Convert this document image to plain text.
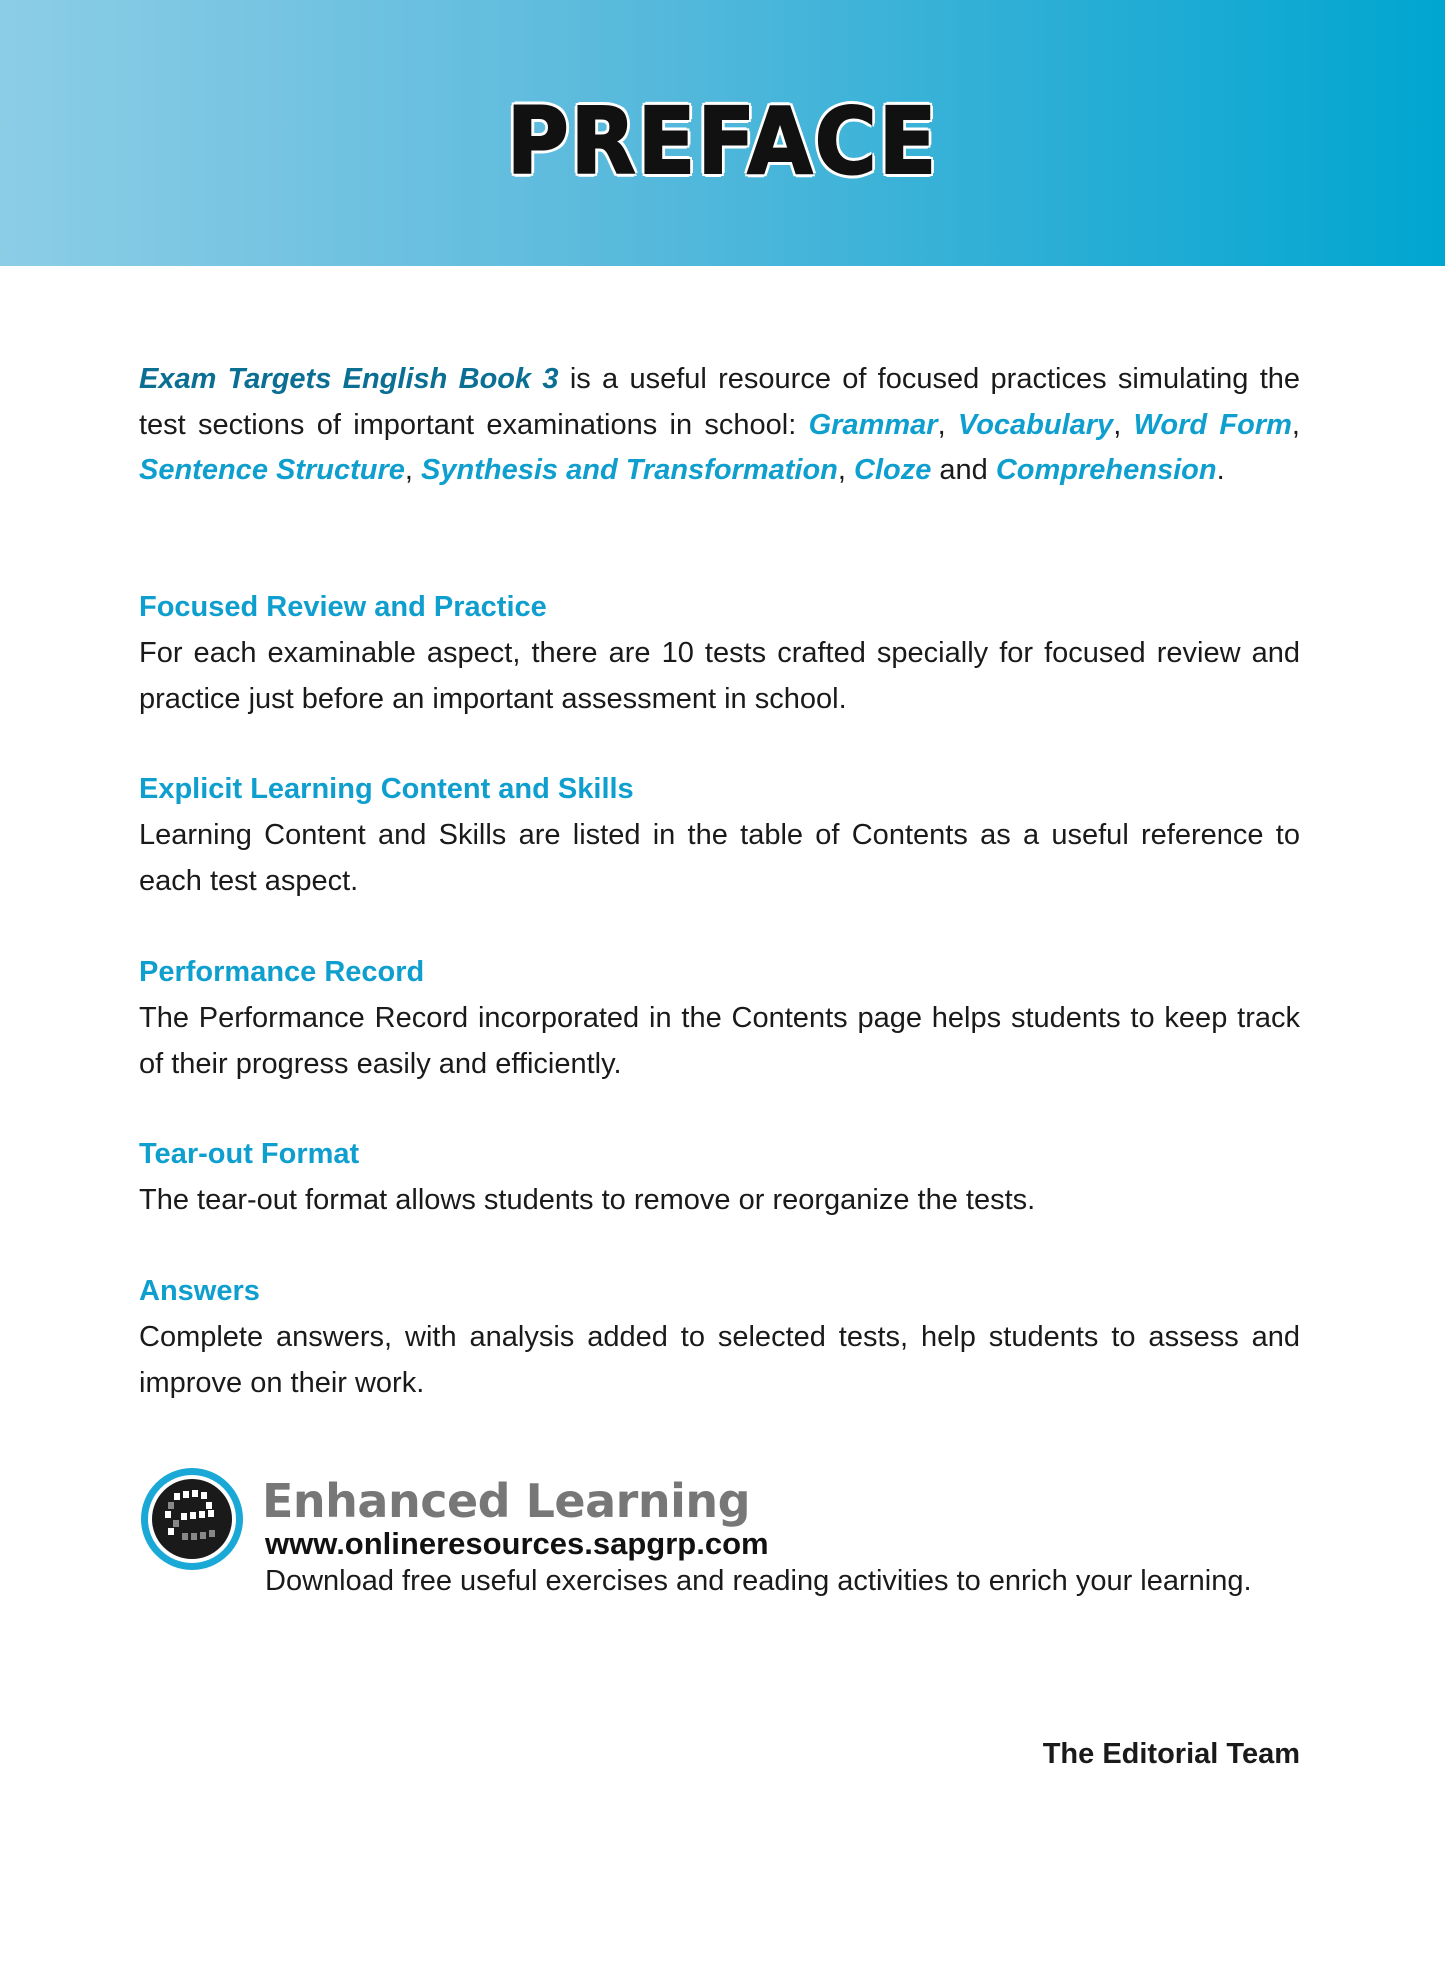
PREFACE
Exam Targets English Book 3 is a useful resource of focused practices simulating the test sections of important examinations in school: Grammar, Vocabulary, Word Form, Sentence Structure, Synthesis and Transformation, Cloze and Comprehension.
Focused Review and Practice
For each examinable aspect, there are 10 tests crafted specially for focused review and practice just before an important assessment in school.
Explicit Learning Content and Skills
Learning Content and Skills are listed in the table of Contents as a useful reference to each test aspect.
Performance Record
The Performance Record incorporated in the Contents page helps students to keep track of their progress easily and efficiently.
Tear-out Format
The tear-out format allows students to remove or reorganize the tests.
Answers
Complete answers, with analysis added to selected tests, help students to assess and improve on their work.
Enhanced Learning
www.onlineresources.sapgrp.com
Download free useful exercises and reading activities to enrich your learning.
The Editorial Team
